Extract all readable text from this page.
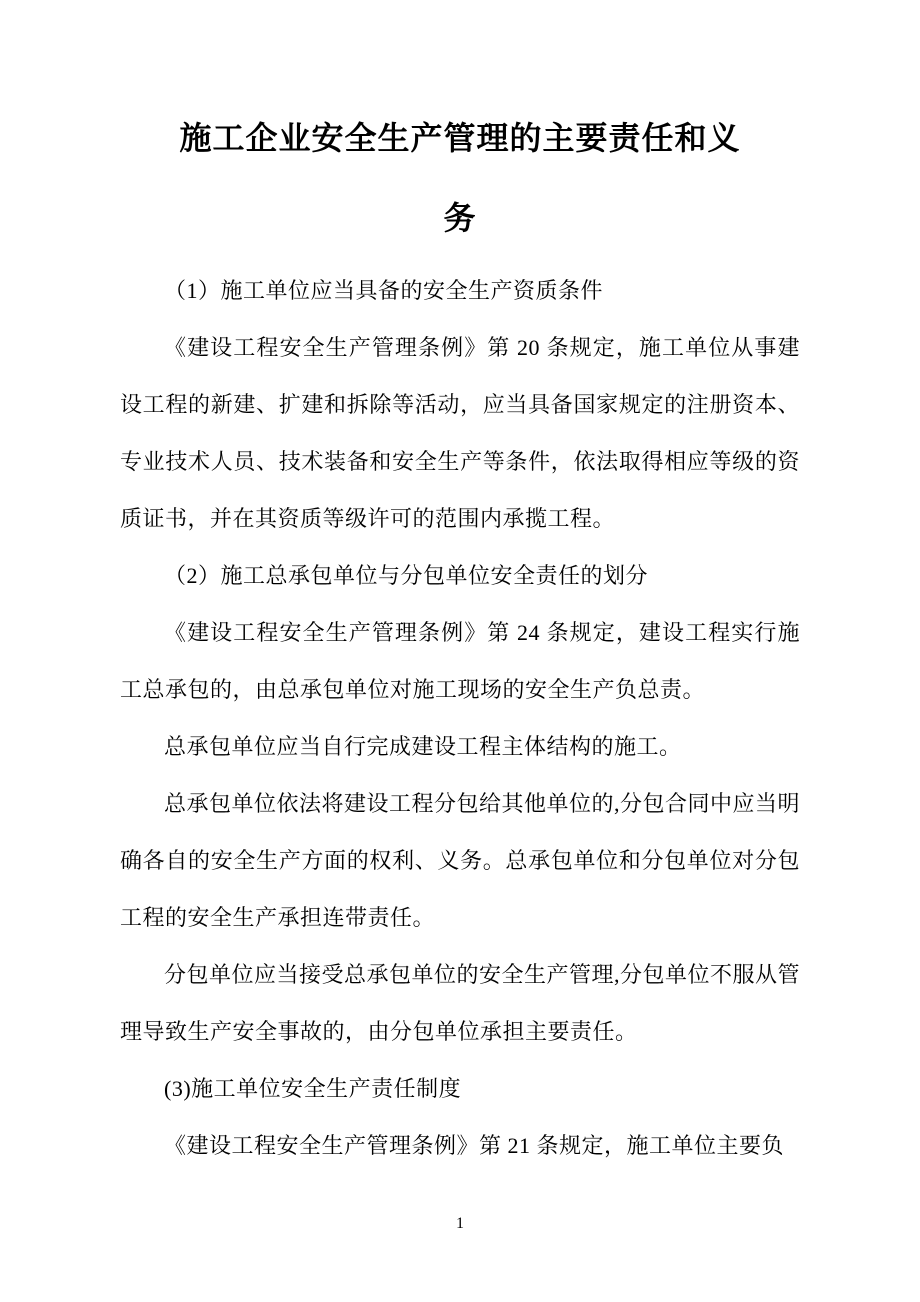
施工企业安全生产管理的主要责任和义务

（1）施工单位应当具备的安全生产资质条件

《建设工程安全生产管理条例》第 20 条规定，施工单位从事建设工程的新建、扩建和拆除等活动，应当具备国家规定的注册资本、专业技术人员、技术装备和安全生产等条件，依法取得相应等级的资质证书，并在其资质等级许可的范围内承揽工程。

（2）施工总承包单位与分包单位安全责任的划分

《建设工程安全生产管理条例》第 24 条规定，建设工程实行施工总承包的，由总承包单位对施工现场的安全生产负总责。

总承包单位应当自行完成建设工程主体结构的施工。

总承包单位依法将建设工程分包给其他单位的,分包合同中应当明确各自的安全生产方面的权利、义务。总承包单位和分包单位对分包工程的安全生产承担连带责任。

分包单位应当接受总承包单位的安全生产管理,分包单位不服从管理导致生产安全事故的，由分包单位承担主要责任。

(3)施工单位安全生产责任制度

《建设工程安全生产管理条例》第 21 条规定，施工单位主要负

1
